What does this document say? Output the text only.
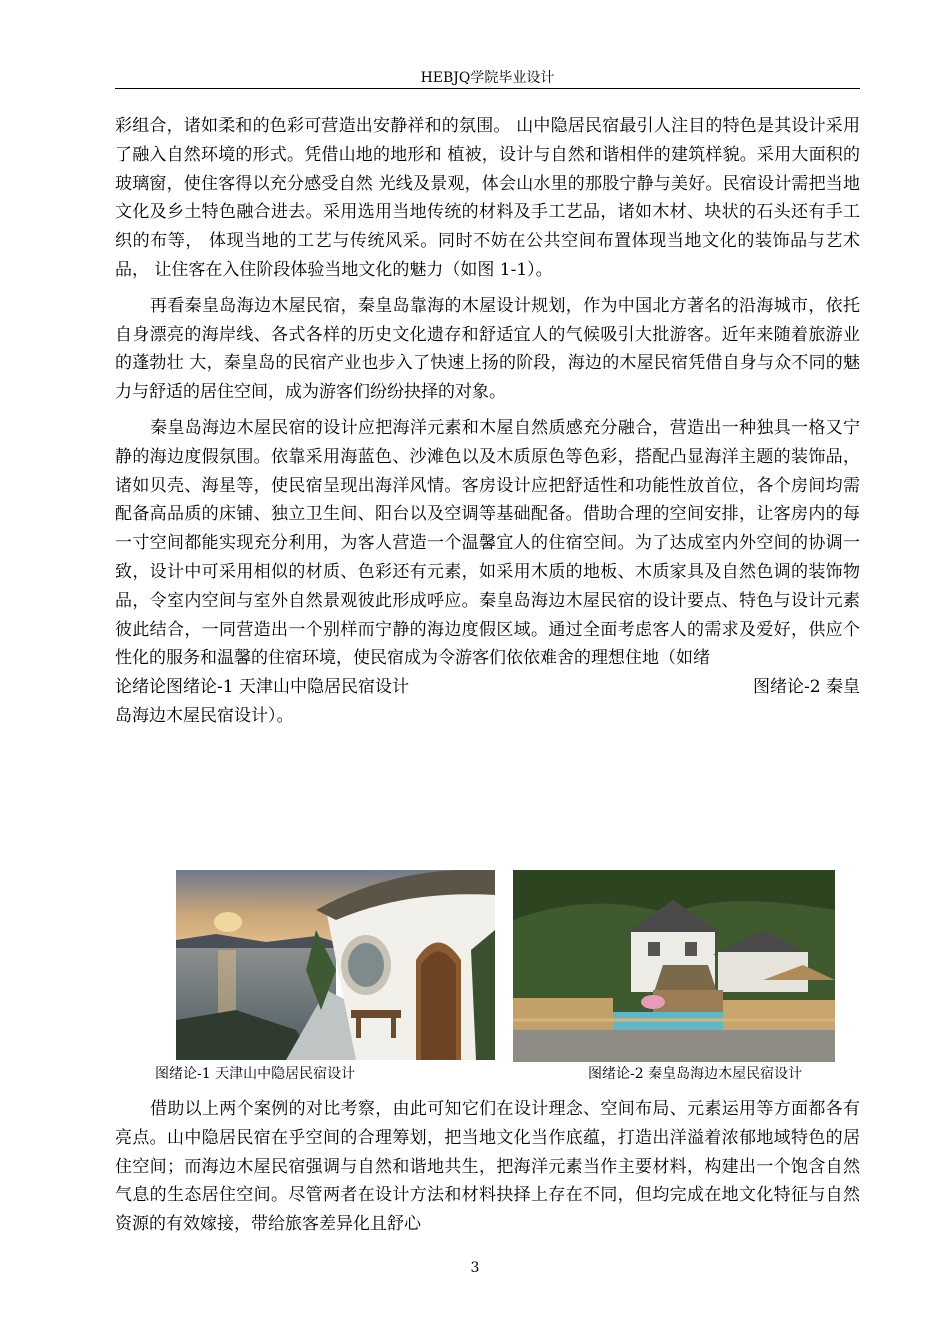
HEBJQ学院毕业设计

彩组合，诸如柔和的色彩可营造出安静祥和的氛围。 山中隐居民宿最引人注目的特色是其设计采用了融入自然环境的形式。凭借山地的地形和 植被，设计与自然和谐相伴的建筑样貌。采用大面积的玻璃窗，使住客得以充分感受自然 光线及景观，体会山水里的那股宁静与美好。民宿设计需把当地文化及乡土特色融合进去。采用选用当地传统的材料及手工艺品，诸如木材、块状的石头还有手工织的布等， 体现当地的工艺与传统风采。同时不妨在公共空间布置体现当地文化的装饰品与艺术品， 让住客在入住阶段体验当地文化的魅力（如图 1-1）。

再看秦皇岛海边木屋民宿，秦皇岛靠海的木屋设计规划，作为中国北方著名的沿海城市，依托自身漂亮的海岸线、各式各样的历史文化遗存和舒适宜人的气候吸引大批游客。近年来随着旅游业的蓬勃壮 大，秦皇岛的民宿产业也步入了快速上扬的阶段，海边的木屋民宿凭借自身与众不同的魅力与舒适的居住空间，成为游客们纷纷抉择的对象。

秦皇岛海边木屋民宿的设计应把海洋元素和木屋自然质感充分融合，营造出一种独具一格又宁静的海边度假氛围。依靠采用海蓝色、沙滩色以及木质原色等色彩，搭配凸显海洋主题的装饰品，诸如贝壳、海星等，使民宿呈现出海洋风情。客房设计应把舒适性和功能性放首位，各个房间均需配备高品质的床铺、独立卫生间、阳台以及空调等基础配备。借助合理的空间安排，让客房内的每一寸空间都能实现充分利用，为客人营造一个温馨宜人的住宿空间。为了达成室内外空间的协调一致，设计中可采用相似的材质、色彩还有元素，如采用木质的地板、木质家具及自然色调的装饰物品，令室内空间与室外自然景观彼此形成呼应。秦皇岛海边木屋民宿的设计要点、特色与设计元素彼此结合，一同营造出一个别样而宁静的海边度假区域。通过全面考虑客人的需求及爱好，供应个性化的服务和温馨的住宿环境，使民宿成为令游客们依依难舍的理想住地（如绪

论绪论图绪论-1 天津山中隐居民宿设计	图绪论-2 秦皇

岛海边木屋民宿设计）。

图绪论-1 天津山中隐居民宿设计	图绪论-2 秦皇岛海边木屋民宿设计

借助以上两个案例的对比考察，由此可知它们在设计理念、空间布局、元素运用等方面都各有亮点。山中隐居民宿在乎空间的合理筹划，把当地文化当作底蕴，打造出洋溢着浓郁地域特色的居住空间；而海边木屋民宿强调与自然和谐地共生，把海洋元素当作主要材料，构建出一个饱含自然气息的生态居住空间。尽管两者在设计方法和材料抉择上存在不同，但均完成在地文化特征与自然资源的有效嫁接，带给旅客差异化且舒心

3
